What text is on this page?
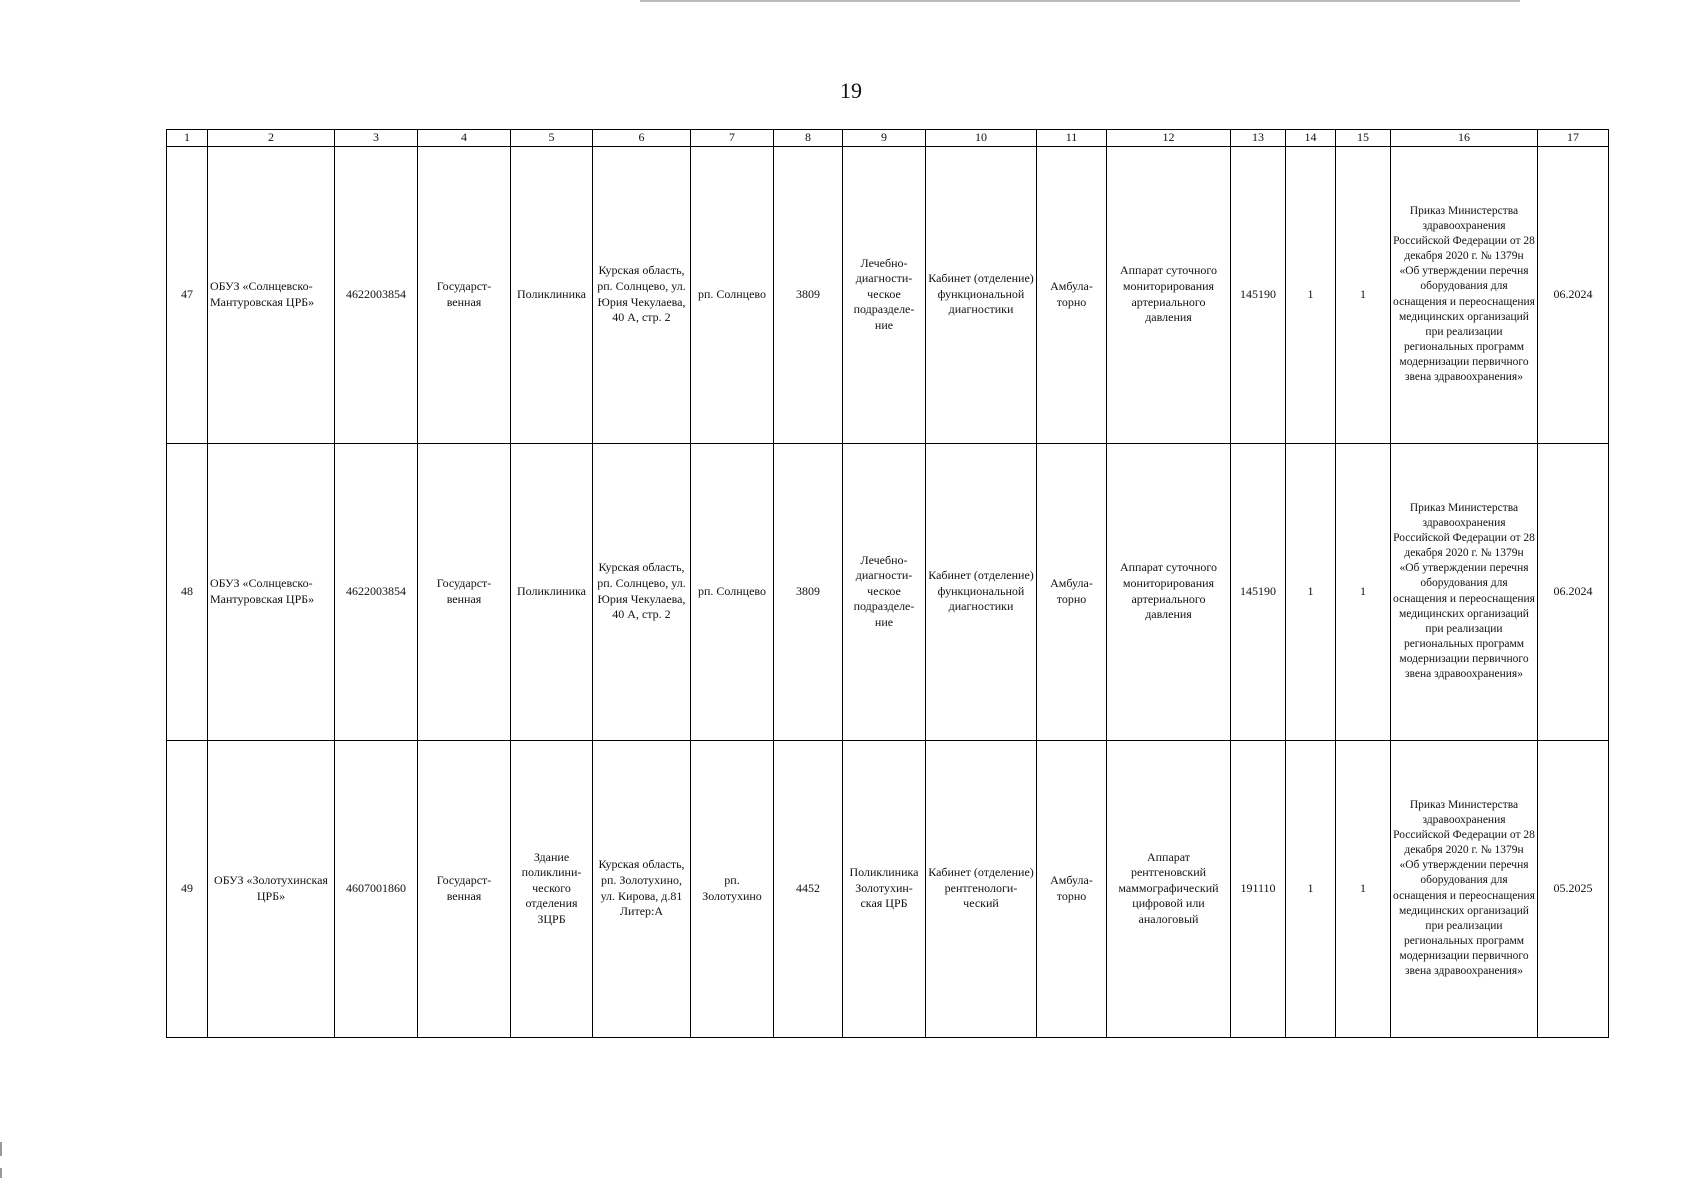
19
1	2	3	4	5	6	7	8	9	10	11	12	13	14	15	16	17
47	ОБУЗ «Солнцевско-Мантуровская ЦРБ»	4622003854	Государст-венная	Поликлиника	Курская область, рп. Солнцево, ул. Юрия Чекулаева, 40 А, стр. 2	рп. Солнцево	3809	Лечебно-диагности-ческое подразделе-ние	Кабинет (отделение) функциональной диагностики	Амбула-торно	Аппарат суточного мониторирования артериального давления	145190	1	1	Приказ Министерства здравоохранения Российской Федерации от 28 декабря 2020 г. № 1379н «Об утверждении перечня оборудования для оснащения и переоснащения медицинских организаций при реализации региональных программ модернизации первичного звена здравоохранения»	06.2024
48	ОБУЗ «Солнцевско-Мантуровская ЦРБ»	4622003854	Государст-венная	Поликлиника	Курская область, рп. Солнцево, ул. Юрия Чекулаева, 40 А, стр. 2	рп. Солнцево	3809	Лечебно-диагности-ческое подразделе-ние	Кабинет (отделение) функциональной диагностики	Амбула-торно	Аппарат суточного мониторирования артериального давления	145190	1	1	Приказ Министерства здравоохранения Российской Федерации от 28 декабря 2020 г. № 1379н «Об утверждении перечня оборудования для оснащения и переоснащения медицинских организаций при реализации региональных программ модернизации первичного звена здравоохранения»	06.2024
49	ОБУЗ «Золотухинская ЦРБ»	4607001860	Государст-венная	Здание поликлини-ческого отделения ЗЦРБ	Курская область, рп. Золотухино, ул. Кирова, д.81 Литер:А	рп. Золотухино	4452	Поликлиника Золотухин-ская ЦРБ	Кабинет (отделение) рентгенологи-ческий	Амбула-торно	Аппарат рентгеновский маммографический цифровой или аналоговый	191110	1	1	Приказ Министерства здравоохранения Российской Федерации от 28 декабря 2020 г. № 1379н «Об утверждении перечня оборудования для оснащения и переоснащения медицинских организаций при реализации региональных программ модернизации первичного звена здравоохранения»	05.2025
